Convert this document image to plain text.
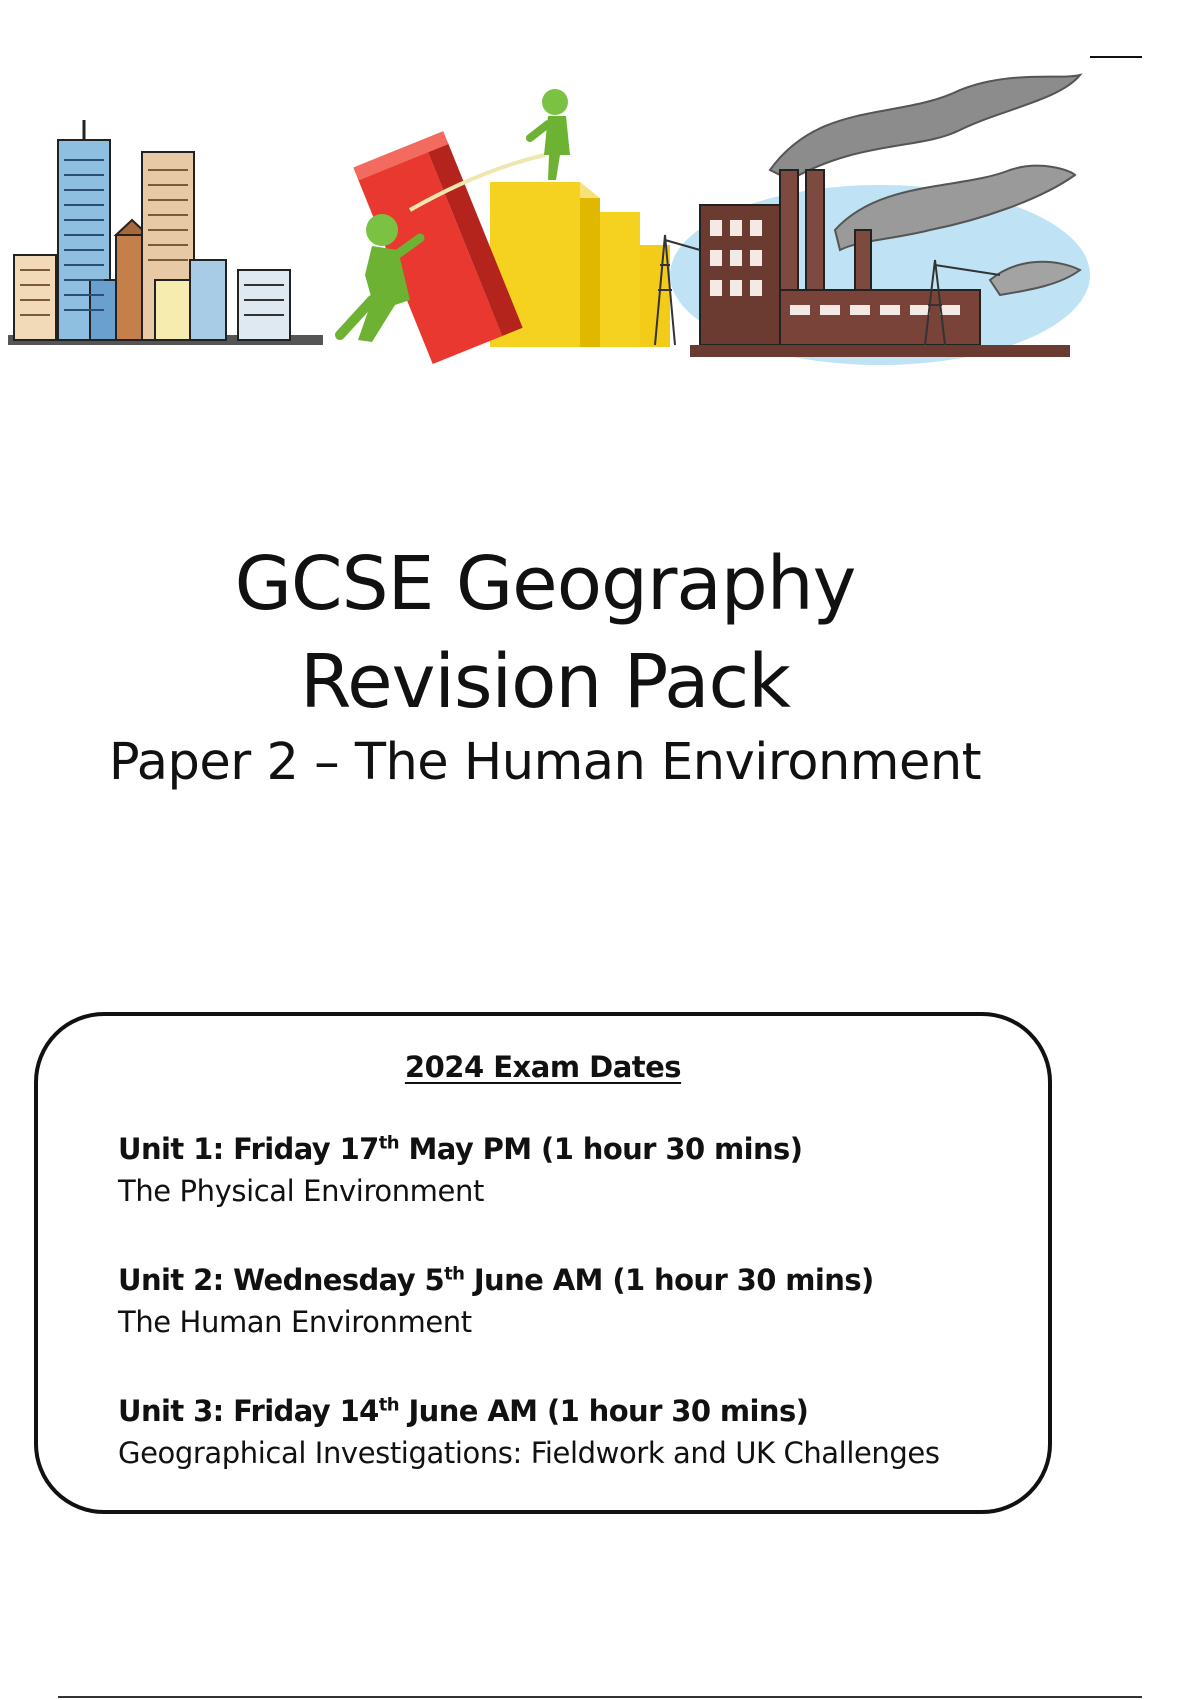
GCSE Geography
Revision Pack
Paper 2 – The Human Environment
2024 Exam Dates
Unit 1: Friday 17th May PM (1 hour 30 mins)
The Physical Environment
Unit 2: Wednesday 5th June AM (1 hour 30 mins)
The Human Environment
Unit 3: Friday 14th June AM (1 hour 30 mins)
Geographical Investigations: Fieldwork and UK Challenges
